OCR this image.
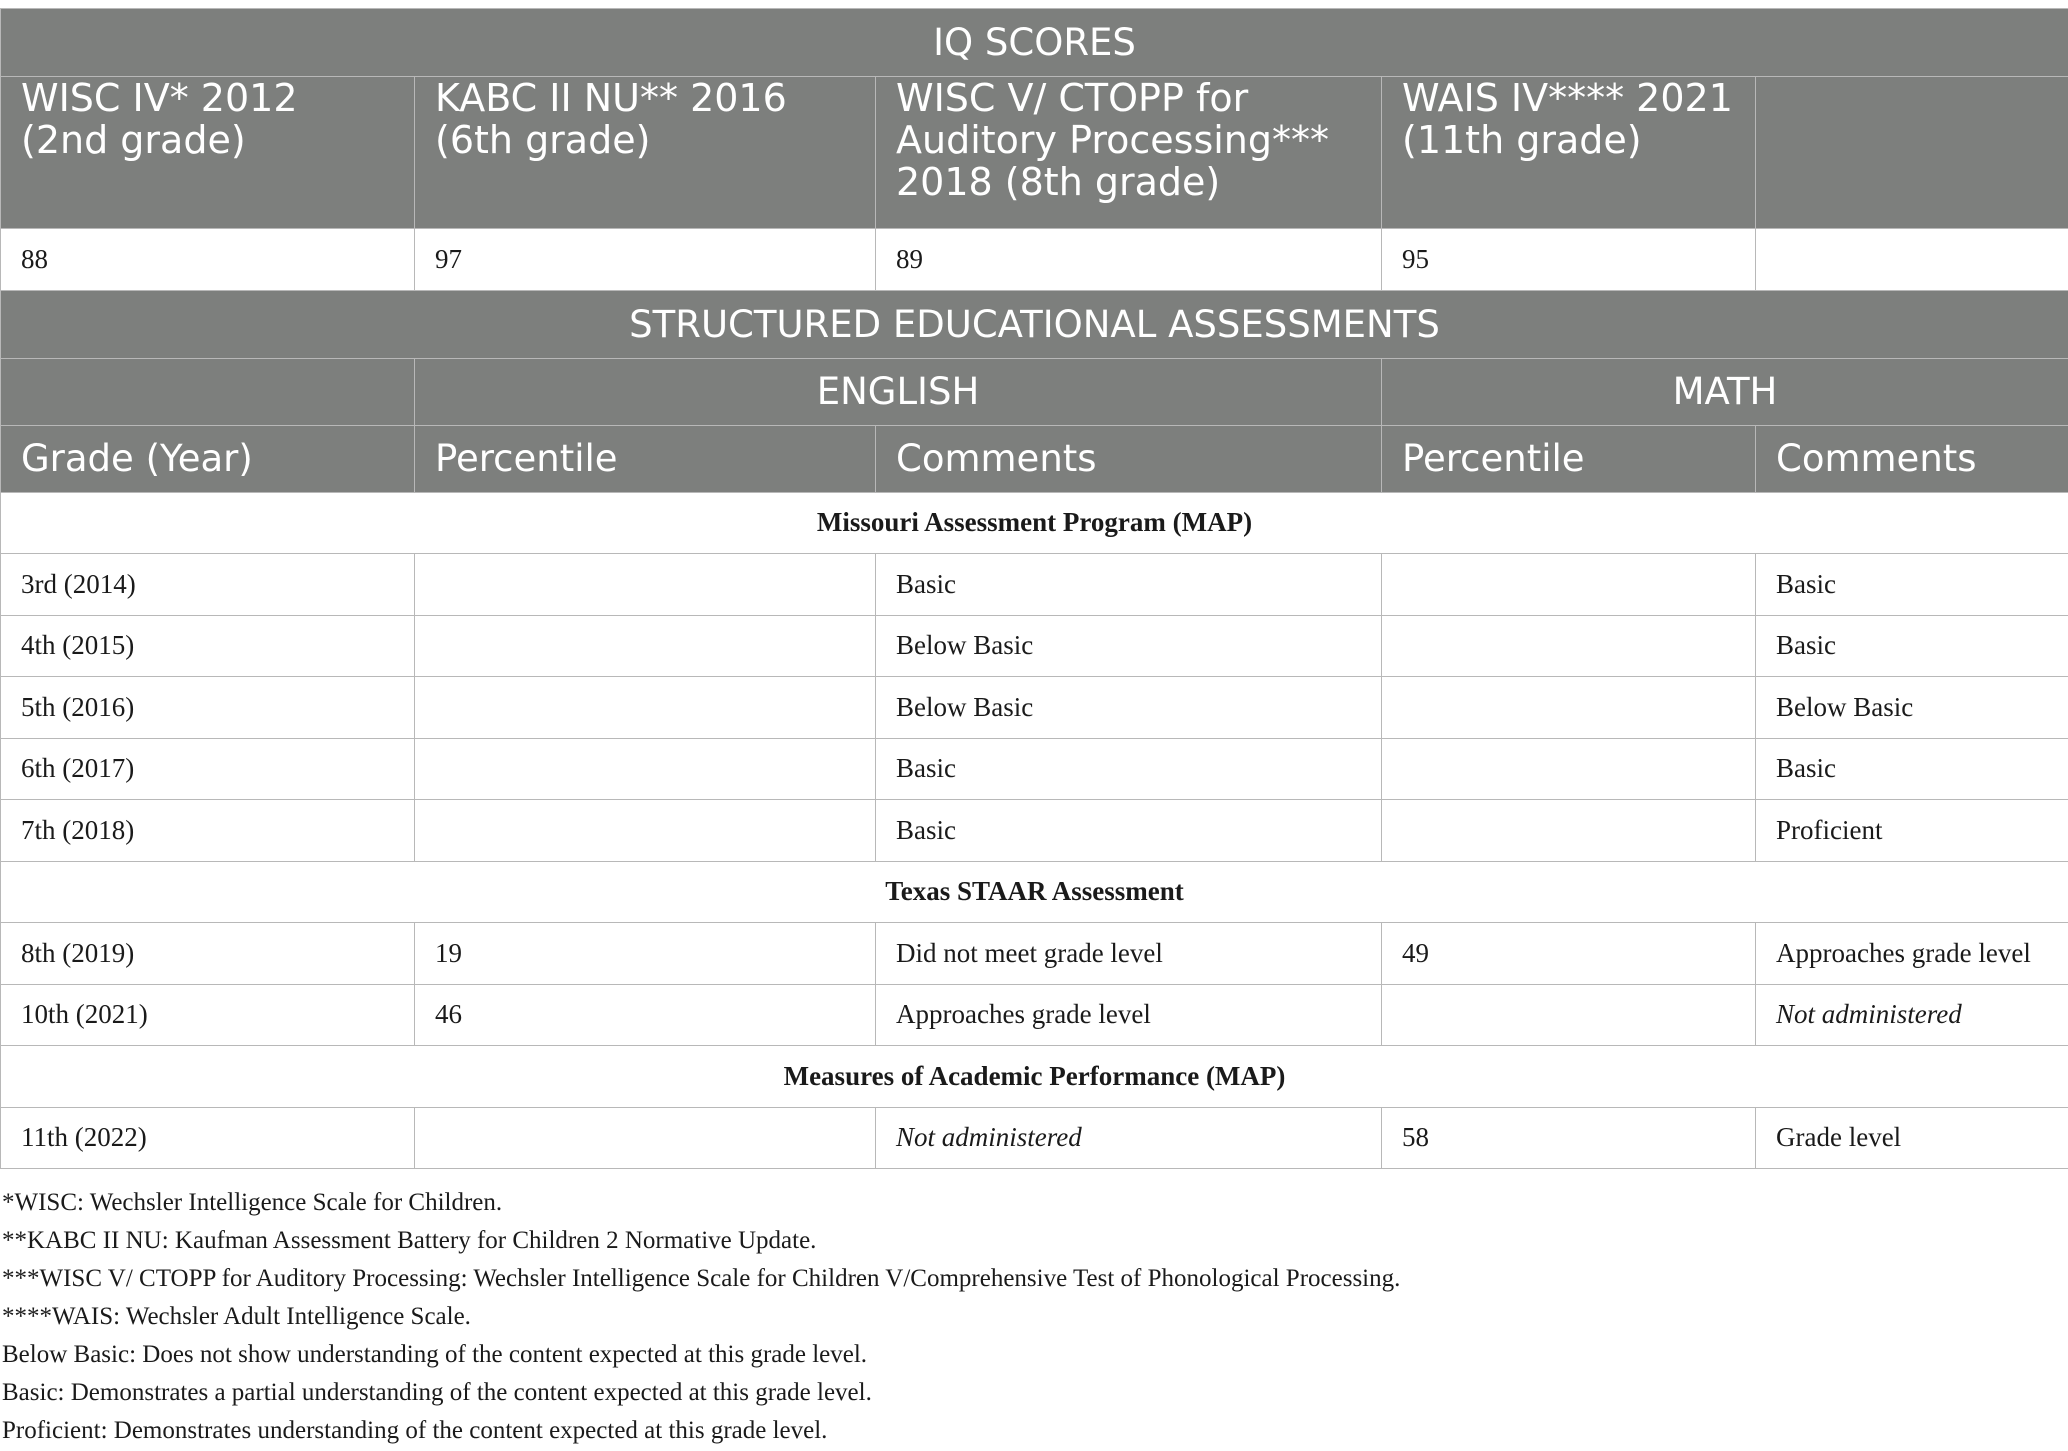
IQ SCORES				
WISC IV* 2012 (2nd grade)	KABC II NU** 2016 (6th grade)	WISC V/ CTOPP for Auditory Processing*** 2018 (8th grade)	WAIS IV**** 2021 (11th grade)	
88	97	89	95	
STRUCTURED EDUCATIONAL ASSESSMENTS				
	ENGLISH		MATH	
Grade (Year)	Percentile	Comments	Percentile	Comments
Missouri Assessment Program (MAP)				
3rd (2014)		Basic		Basic
4th (2015)		Below Basic		Basic
5th (2016)		Below Basic		Below Basic
6th (2017)		Basic		Basic
7th (2018)		Basic		Proficient
Texas STAAR Assessment				
8th (2019)	19	Did not meet grade level	49	Approaches grade level
10th (2021)	46	Approaches grade level		Not administered
Measures of Academic Performance (MAP)				
11th (2022)		Not administered	58	Grade level
*WISC: Wechsler Intelligence Scale for Children.
**KABC II NU: Kaufman Assessment Battery for Children 2 Normative Update.
***WISC V/ CTOPP for Auditory Processing: Wechsler Intelligence Scale for Children V/Comprehensive Test of Phonological Processing.
****WAIS: Wechsler Adult Intelligence Scale.
Below Basic: Does not show understanding of the content expected at this grade level.
Basic: Demonstrates a partial understanding of the content expected at this grade level.
Proficient: Demonstrates understanding of the content expected at this grade level.
